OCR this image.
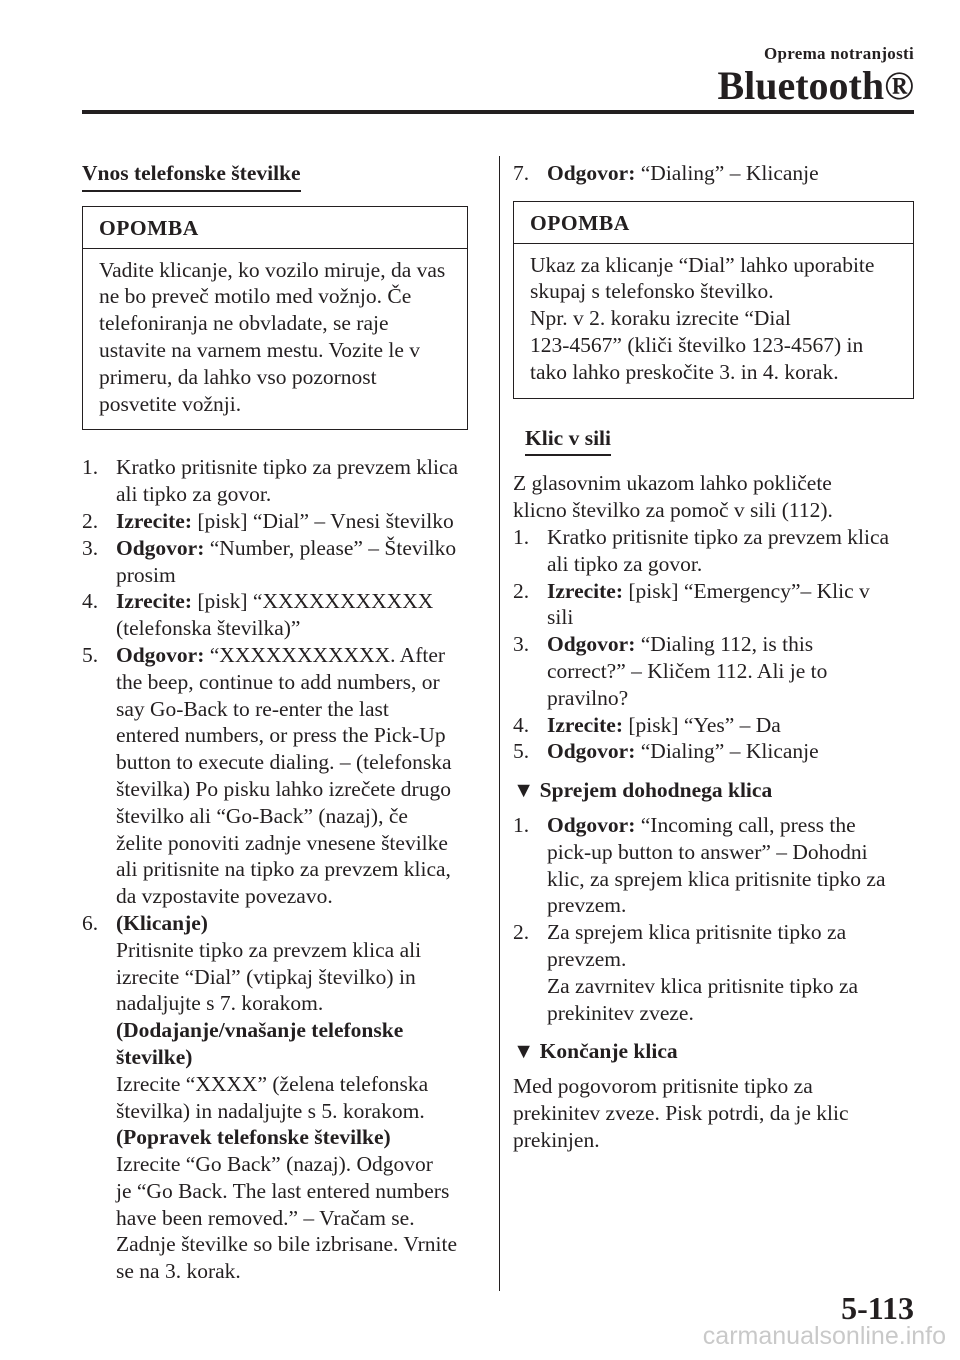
Oprema notranjosti
Bluetooth®
Vnos telefonske številke
OPOMBA
Vadite klicanje, ko vozilo miruje, da vas
ne bo preveč motilo med vožnjo. Če
telefoniranja ne obvladate, se raje
ustavite na varnem mestu. Vozite le v
primeru, da lahko vso pozornost
posvetite vožnji.
1. Kratko pritisnite tipko za prevzem klica
ali tipko za govor.
2. Izrecite: [pisk] “Dial” – Vnesi številko
3. Odgovor: “Number, please” – Številko
prosim
4. Izrecite: [pisk] “XXXXXXXXXXX
(telefonska številka)”
5. Odgovor: “XXXXXXXXXXX. After
the beep, continue to add numbers, or
say Go-Back to re-enter the last
entered numbers, or press the Pick-Up
button to execute dialing. – (telefonska
številka) Po pisku lahko izrečete drugo
številko ali “Go-Back” (nazaj), če
želite ponoviti zadnje vnesene številke
ali pritisnite na tipko za prevzem klica,
da vzpostavite povezavo.
6. (Klicanje)
Pritisnite tipko za prevzem klica ali
izrecite “Dial” (vtipkaj številko) in
nadaljujte s 7. korakom.
(Dodajanje/vnašanje telefonske
številke)
Izrecite “XXXX” (želena telefonska
številka) in nadaljujte s 5. korakom.
(Popravek telefonske številke)
Izrecite “Go Back” (nazaj). Odgovor
je “Go Back. The last entered numbers
have been removed.” – Vračam se.
Zadnje številke so bile izbrisane. Vrnite
se na 3. korak.
7. Odgovor: “Dialing” – Klicanje
OPOMBA
Ukaz za klicanje “Dial” lahko uporabite
skupaj s telefonsko številko.
Npr. v 2. koraku izrecite “Dial
123-4567” (kliči številko 123-4567) in
tako lahko preskočite 3. in 4. korak.
Klic v sili
Z glasovnim ukazom lahko pokličete
klicno številko za pomoč v sili (112).
1. Kratko pritisnite tipko za prevzem klica
ali tipko za govor.
2. Izrecite: [pisk] “Emergency”– Klic v
sili
3. Odgovor: “Dialing 112, is this
correct?” – Kličem 112. Ali je to
pravilno?
4. Izrecite: [pisk] “Yes” – Da
5. Odgovor: “Dialing” – Klicanje
▼ Sprejem dohodnega klica
1. Odgovor: “Incoming call, press the
pick-up button to answer” – Dohodni
klic, za sprejem klica pritisnite tipko za
prevzem.
2. Za sprejem klica pritisnite tipko za
prevzem.
Za zavrnitev klica pritisnite tipko za
prekinitev zveze.
▼ Končanje klica
Med pogovorom pritisnite tipko za
prekinitev zveze. Pisk potrdi, da je klic
prekinjen.
5-113
carmanualsonline.info
